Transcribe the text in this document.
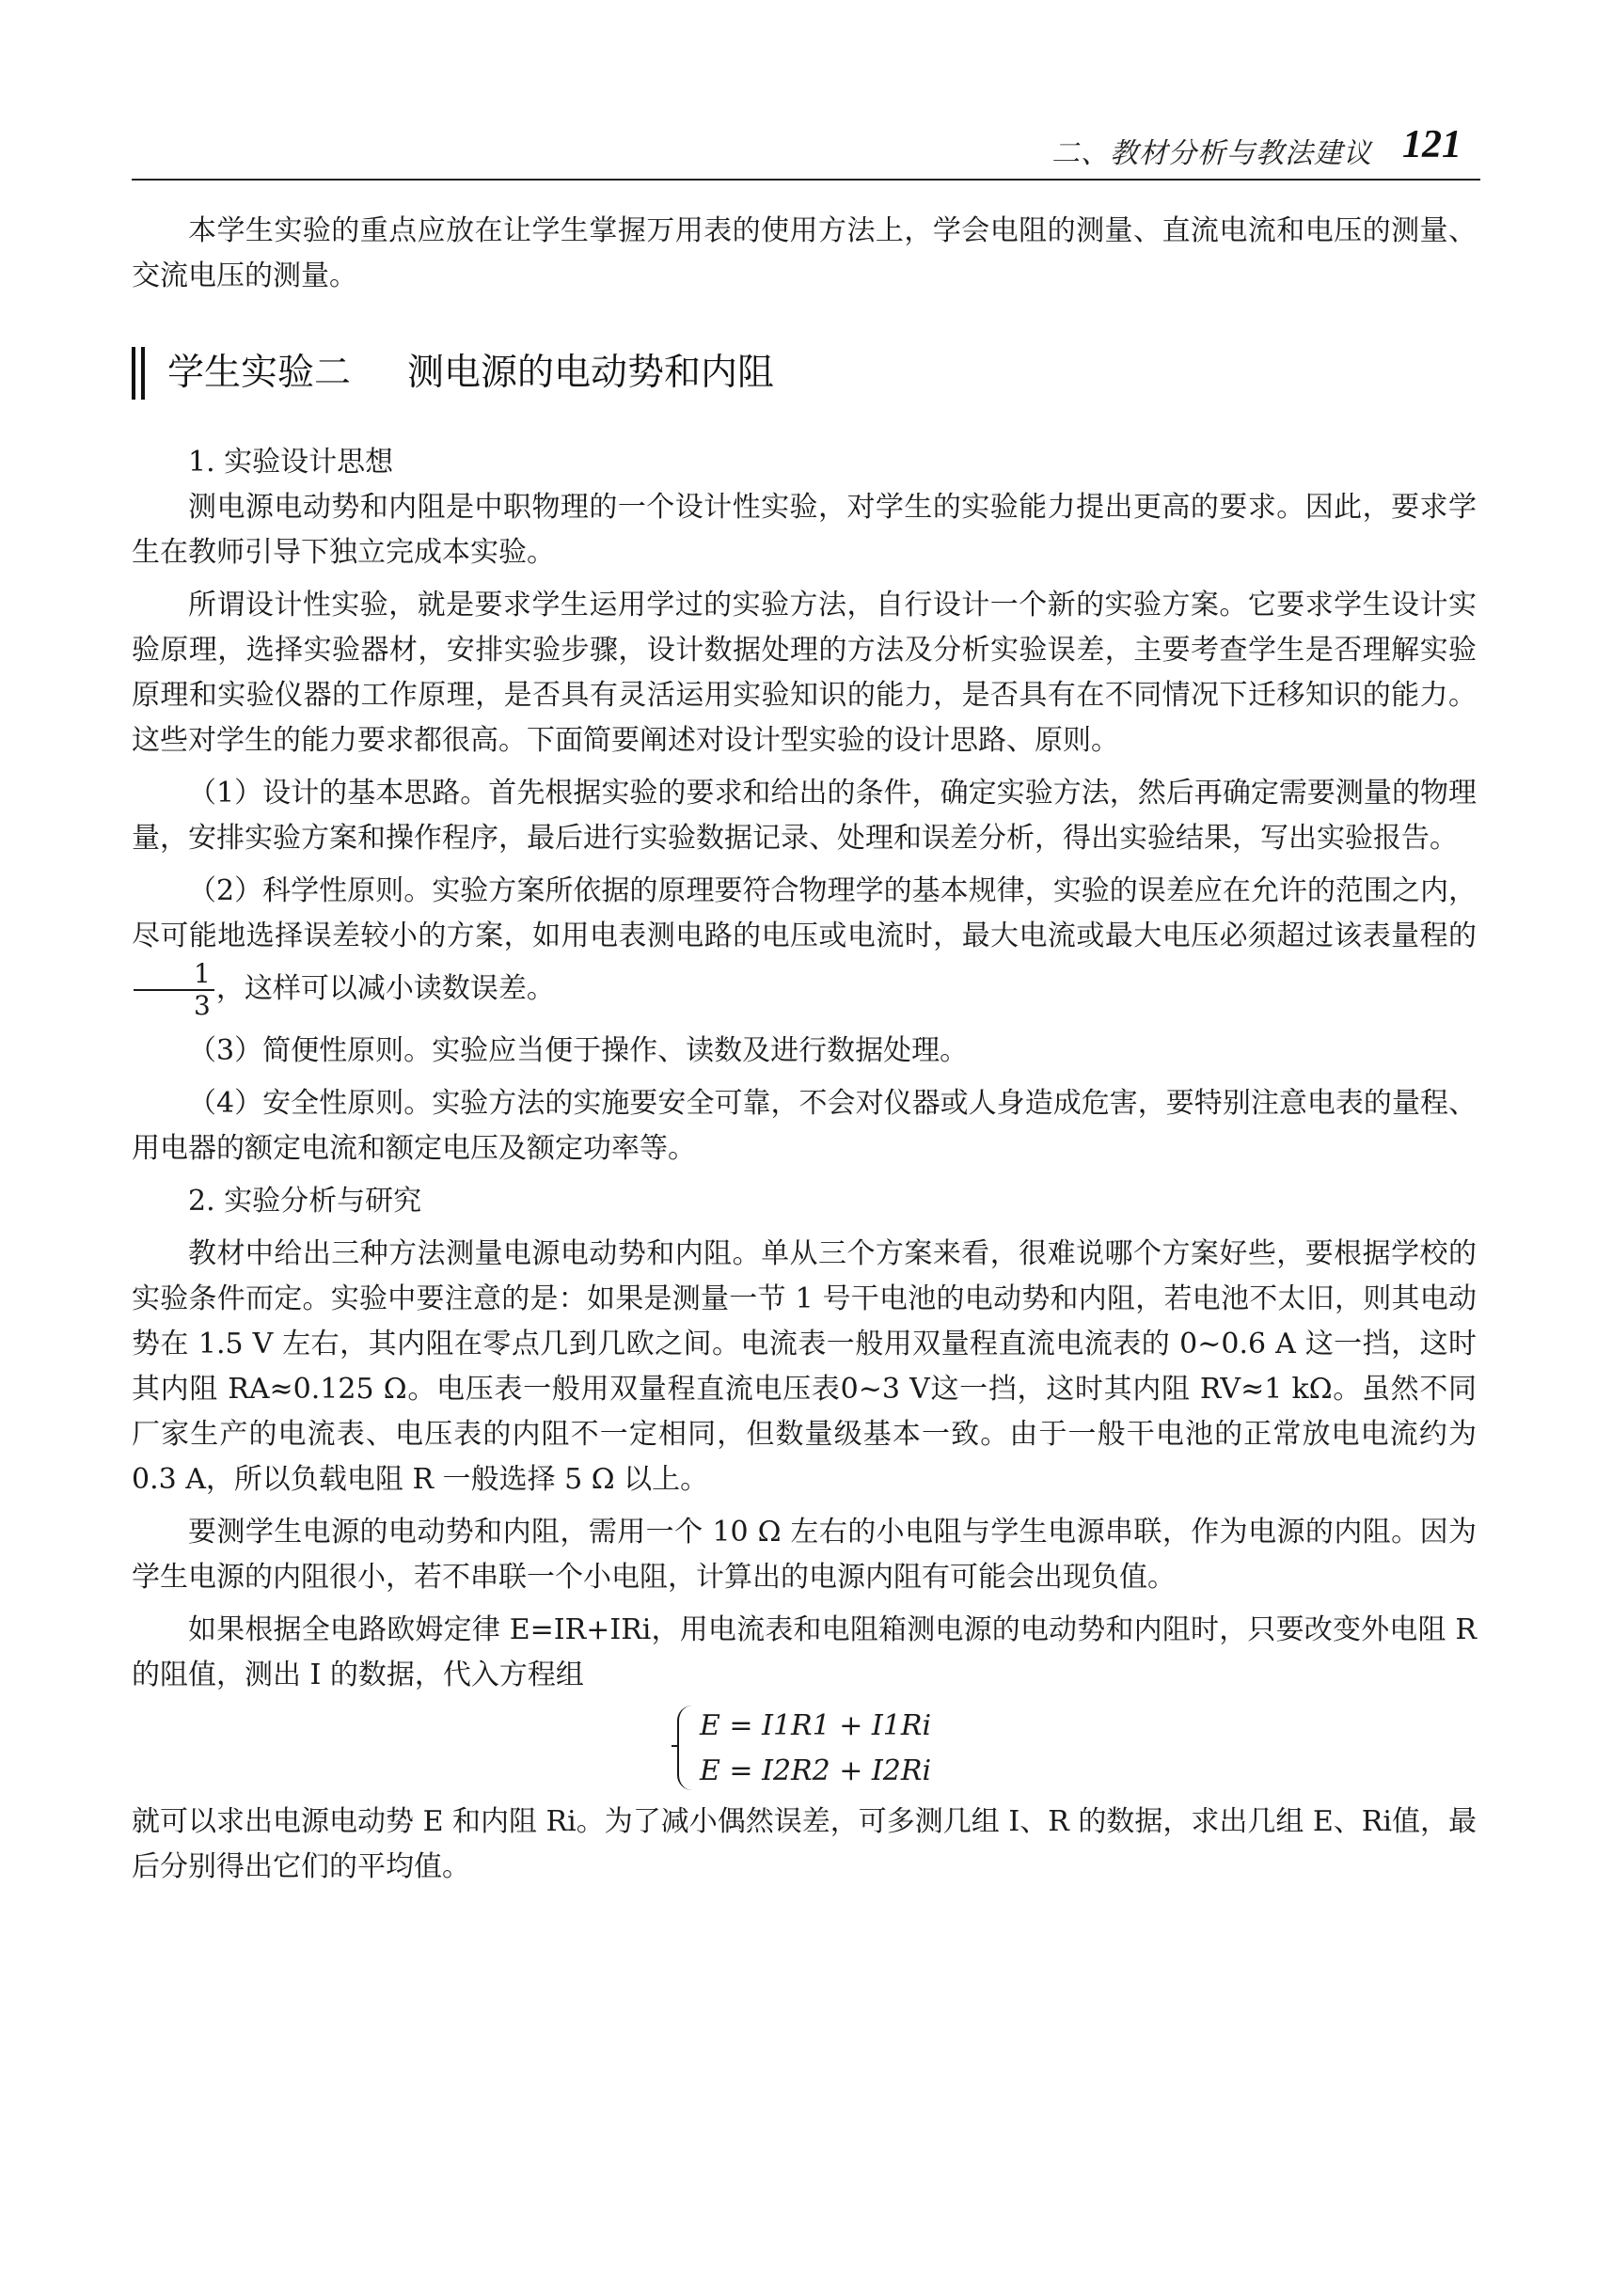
二、教材分析与教法建议 121

本学生实验的重点应放在让学生掌握万用表的使用方法上，学会电阻的测量、直流电流和电压的测量、交流电压的测量。

学生实验二 测电源的电动势和内阻

1. 实验设计思想

测电源电动势和内阻是中职物理的一个设计性实验，对学生的实验能力提出更高的要求。因此，要求学生在教师引导下独立完成本实验。

所谓设计性实验，就是要求学生运用学过的实验方法，自行设计一个新的实验方案。它要求学生设计实验原理，选择实验器材，安排实验步骤，设计数据处理的方法及分析实验误差，主要考查学生是否理解实验原理和实验仪器的工作原理，是否具有灵活运用实验知识的能力，是否具有在不同情况下迁移知识的能力。这些对学生的能力要求都很高。下面简要阐述对设计型实验的设计思路、原则。

（1）设计的基本思路。首先根据实验的要求和给出的条件，确定实验方法，然后再确定需要测量的物理量，安排实验方案和操作程序，最后进行实验数据记录、处理和误差分析，得出实验结果，写出实验报告。

（2）科学性原则。实验方案所依据的原理要符合物理学的基本规律，实验的误差应在允许的范围之内，尽可能地选择误差较小的方案，如用电表测电路的电压或电流时，最大电流或最大电压必须超过该表量程的
$\frac{1}{3}$ ，这样可以减小读数误差。

（3）简便性原则。实验应当便于操作、读数及进行数据处理。

（4）安全性原则。实验方法的实施要安全可靠，不会对仪器或人身造成危害，要特别注意电表的量程、用电器的额定电流和额定电压及额定功率等。

2. 实验分析与研究

教材中给出三种方法测量电源电动势和内阻。单从三个方案来看，很难说哪个方案好些，要根据学校的实验条件而定。实验中要注意的是：如果是测量一节 1 号干电池的电动势和内阻，若电池不太旧，则其电动势在 1.5 V 左右，其内阻在零点几到几欧之间。电流表一般用双量程直流电流表的 0~0.6 A 这一挡，这时其内阻 RA≈0.125 Ω。电压表一般用双量程直流电压表0~3 V这一挡，这时其内阻 RV≈1 kΩ。虽然不同厂家生产的电流表、电压表的内阻不一定相同，但数量级基本一致。由于一般干电池的正常放电电流约为 0.3 A，所以负载电阻 R 一般选择 5 Ω 以上。

要测学生电源的电动势和内阻，需用一个 10 Ω 左右的小电阻与学生电源串联，作为电源的内阻。因为学生电源的内阻很小，若不串联一个小电阻，计算出的电源内阻有可能会出现负值。

如果根据全电路欧姆定律 E=IR+IRi，用电流表和电阻箱测电源的电动势和内阻时，只要改变外电阻 R 的阻值，测出 I 的数据，代入方程组

E = I1R1 + I1Ri
E = I2R2 + I2Ri

就可以求出电源电动势 E 和内阻 Ri。为了减小偶然误差，可多测几组 I、R 的数据，求出几组 E、Ri值，最后分别得出它们的平均值。
